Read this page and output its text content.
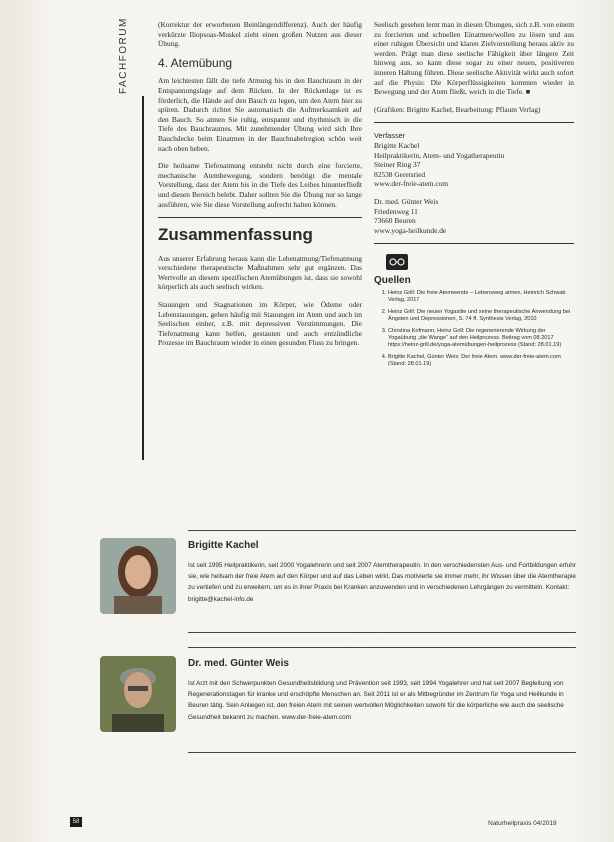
FACHFORUM	(Korrektur der erworbenen Beinlängendifferenz). Auch der häufig verkürzte Iliopsoas-Muskel zieht einen großen Nutzen aus dieser Übung.

4. Atemübung

Am leichtesten fällt die tiefe Atmung bis in den Bauchraum in der Entspannungslage auf dem Rücken. In der Rückenlage ist es förderlich, die Hände auf den Bauch zu legen, um den Atem hier zu spüren. Dadurch richtet Sie automatisch die Aufmerksamkeit auf den Bauch. So atmen Sie ruhig, entspannt und rhythmisch in die Tiefe des Bauchraumes. Mit zunehmender Übung wird sich Ihre Bauchdecke beim Einatmen in der Bauchnabelregion schön weit nach oben heben.

Die heilsame Tiefenatmung entsteht nicht durch eine forcierte, mechanische Atembewegung, sondern benötigt die mentale Vorstellung, dass der Atem bis in die Tiefe des Leibes hinunterfließt und diesen Bereich belebt. Daher sollten Sie die Übung nur so lange ausführen, wie Sie diese Vorstellung aufrecht halten können.

Zusammenfassung

Aus unserer Erfahrung heraus kann die Lebenatmung/Tiefenatmung verschiedene therapeutische Maßnahmen sehr gut ergänzen. Das Wertvolle an diesem spezifischen Atemübungen ist, dass sie sowohl körperlich als auch seelisch wirken.

Stauungen und Stagnationen im Körper, wie Ödeme oder Lebenstauungen, gehen häufig mit Stauungen im Atem und auch im Seelischen einher, z.B. mit depressiven Verstimmungen. Die Tiefenatmung kann helfen, gestauten und auch entzündliche Prozesse im Bauchraum wieder in einen gesunden Fluss zu bringen.

Seelisch gesehen lernt man in diesen Übungen, sich z.B. von einem zu forcierten und schnellen Einatmen/wollen zu lösen und aus einer ruhigen Übersicht und klaren Zielvorstellung heraus aktiv zu werden. Prägt man diese seelische Fähigkeit über längere Zeit hinweg aus, so kann diese sogar zu einer neuen, positiveren inneren Haltung führen. Diese seelische Aktivität wirkt auch sofort auf die Physis: Die Körperflüssigkeiten kommen wieder in Bewegung und der Atem fließt, weich in die Tiefe. ■

(Grafiken: Brigitte Kachel, Bearbeitung: Pflaum Verlag)

Verfasser
Brigitte Kachel
Heilpraktikerin, Atem- und Yogatherapeutin
Steiner Ring 37
82538 Geretsried
www.der-freie-atem.com
Dr. med. Günter Weis
Friedenweg 11
73660 Beuren
www.yoga-heilkunde.de
Quellen
1. Heinz Grill: Die freie Atemwende – Lebensweg atmen, Heinrich Schwab Verlag, 2017
2. Heinz Grill: Die neuen Yogastile und seine therapeutische Anwendung bei Ängsten und Depressionen, S. 74 ff. Synthesis Verlag, 2010
3. Christina Kofmann, Heinz Grill: Die regenerierende Wirkung der Yogaübung „die Wange“ auf den Heilprozess. Beitrag vom 08.2017 https://heinz-grill.de/yoga-atemübungen-heilprozess (Stand: 28.01.19)
4. Brigitte Kachel, Günter Weis: Der freie Atem. www.der-freie-atem.com (Stand: 28.01.19)
Brigitte Kachel

Ist seit 1995 Heilpraktikerin, seit 2000 Yogalehrerin und seit 2007 Atemtherapeutin. In den verschiedensten Aus- und Fortbildungen erfuhr sie, wie heilsam der freie Atem auf den Körper und auf das Leben wirkt. Das motivierte sie immer mehr, ihr Wissen über die Atemtherapie zu vertiefen und zu erweitern, um es in ihrer Praxis bei Kranken anzuwenden und in verschiedenen Lehrgängen zu vermitteln. Kontakt: brigitte@kachel-info.de

Dr. med. Günter Weis

Ist Arzt mit den Schwerpunkten Gesundheitsbildung und Prävention seit 1993, seit 1994 Yogalehrer und hat seit 2007 Begleitung von Regenerationstagen für kranke und erschöpfte Menschen an. Seit 2011 ist er als Mitbegründer im Zentrum für Yoga und Heilkunde in Beuren tätig. Sein Anliegen ist, den freien Atem mit seinen wertvollen Möglichkeiten sowohl für die körperliche wie auch die seelische Gesundheit bekannt zu machen. www.der-freie-atem.com

58	Naturheilpraxis 04/2019
